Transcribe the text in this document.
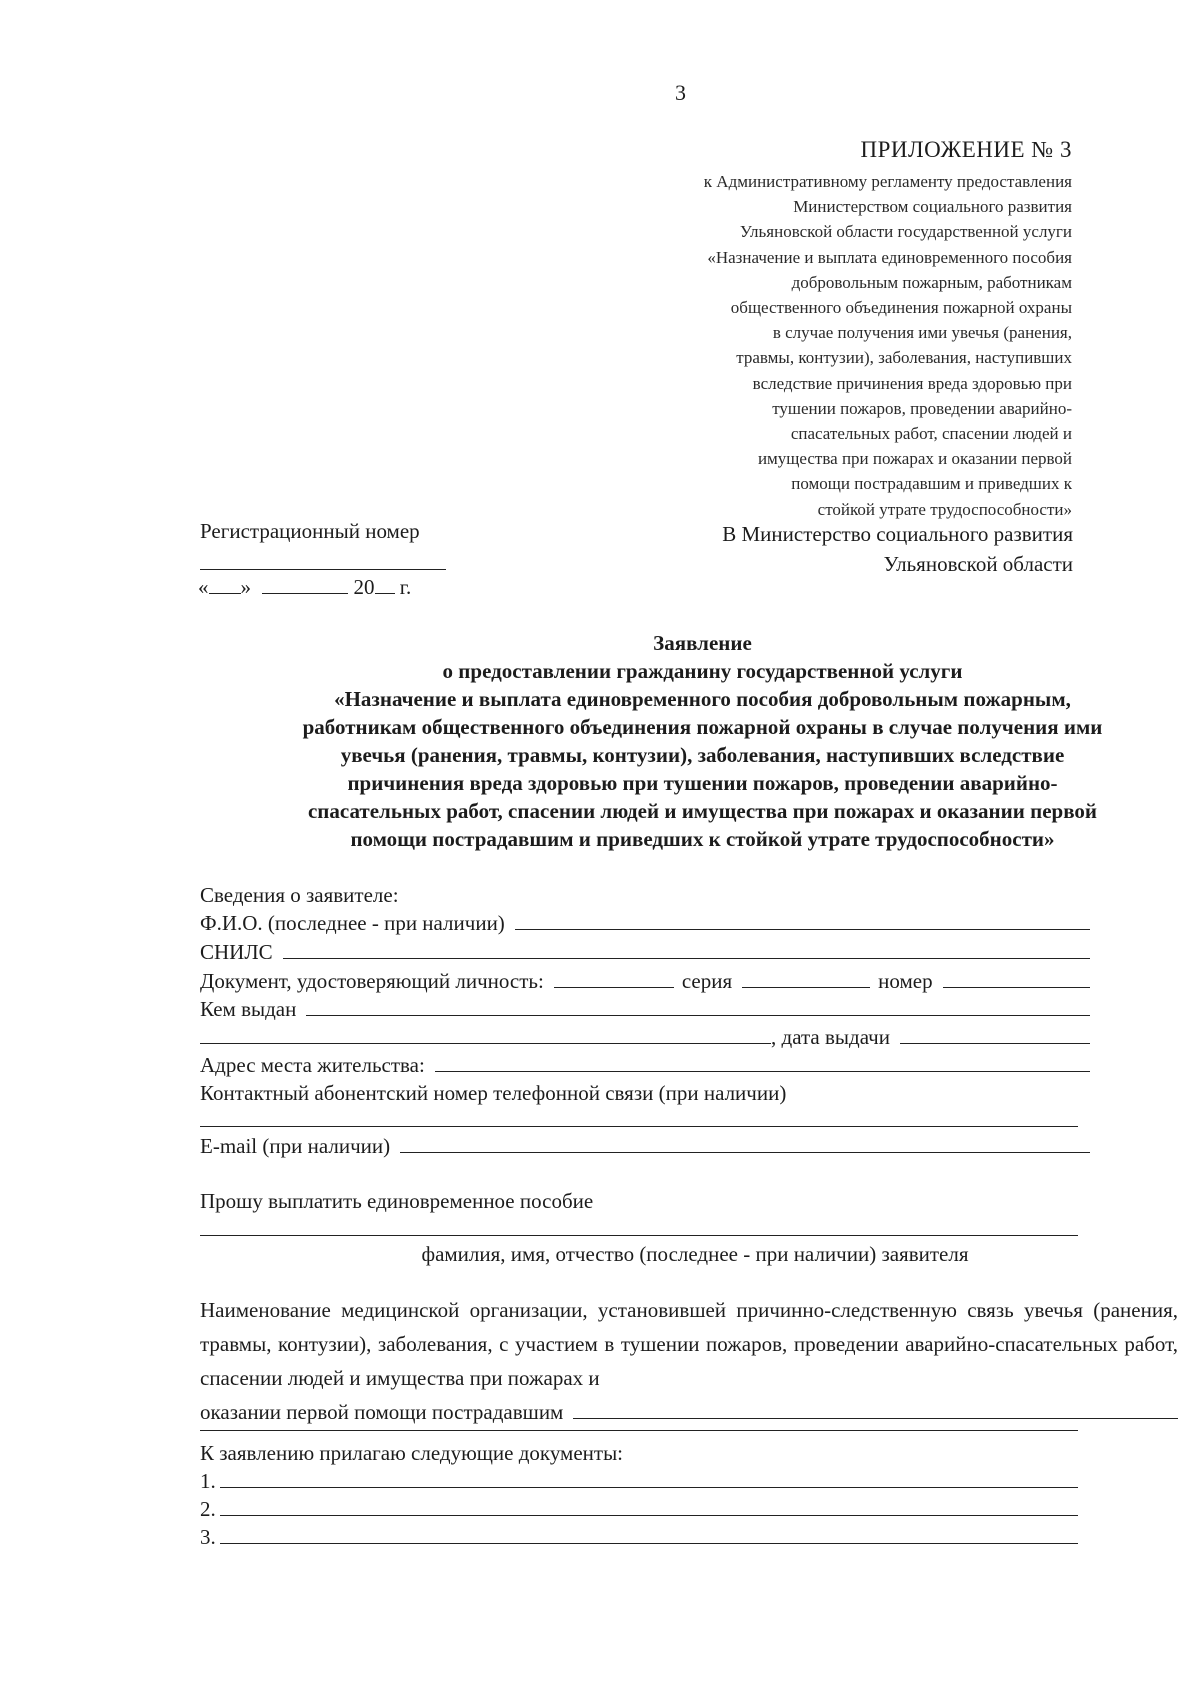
3
ПРИЛОЖЕНИЕ № 3
к Административному регламенту предоставления
Министерством социального развития
Ульяновской области государственной услуги
«Назначение и выплата единовременного пособия
добровольным пожарным, работникам
общественного объединения пожарной охраны
в случае получения ими увечья (ранения,
травмы, контузии), заболевания, наступивших
вследствие причинения вреда здоровью при
тушении пожаров, проведении аварийно-
спасательных работ, спасении людей и
имущества при пожарах и оказании первой
помощи пострадавшим и приведших к
стойкой утрате трудоспособности»
Регистрационный номер
« »	20 г.
В Министерство социального развития
Ульяновской области
Заявление
о предоставлении гражданину государственной услуги
«Назначение и выплата единовременного пособия добровольным пожарным,
работникам общественного объединения пожарной охраны в случае получения ими
увечья (ранения, травмы, контузии), заболевания, наступивших вследствие
причинения вреда здоровью при тушении пожаров, проведении аварийно-
спасательных работ, спасении людей и имущества при пожарах и оказании первой
помощи пострадавшим и приведших к стойкой утрате трудоспособности»
Сведения о заявителе:
Ф.И.О. (последнее - при наличии)
СНИЛС
Документ, удостоверяющий личность:	серия	номер
Кем выдан
, дата выдачи
Адрес места жительства:
Контактный абонентский номер телефонной связи (при наличии)
E-mail (при наличии)
Прошу выплатить единовременное пособие
фамилия, имя, отчество (последнее - при наличии) заявителя
Наименование медицинской организации, установившей причинно-следственную связь увечья (ранения, травмы, контузии), заболевания, с участием в тушении пожаров, проведении аварийно-спасательных работ, спасении людей и имущества при пожарах и
оказании первой помощи пострадавшим
К заявлению прилагаю следующие документы:
1.
2.
3.
